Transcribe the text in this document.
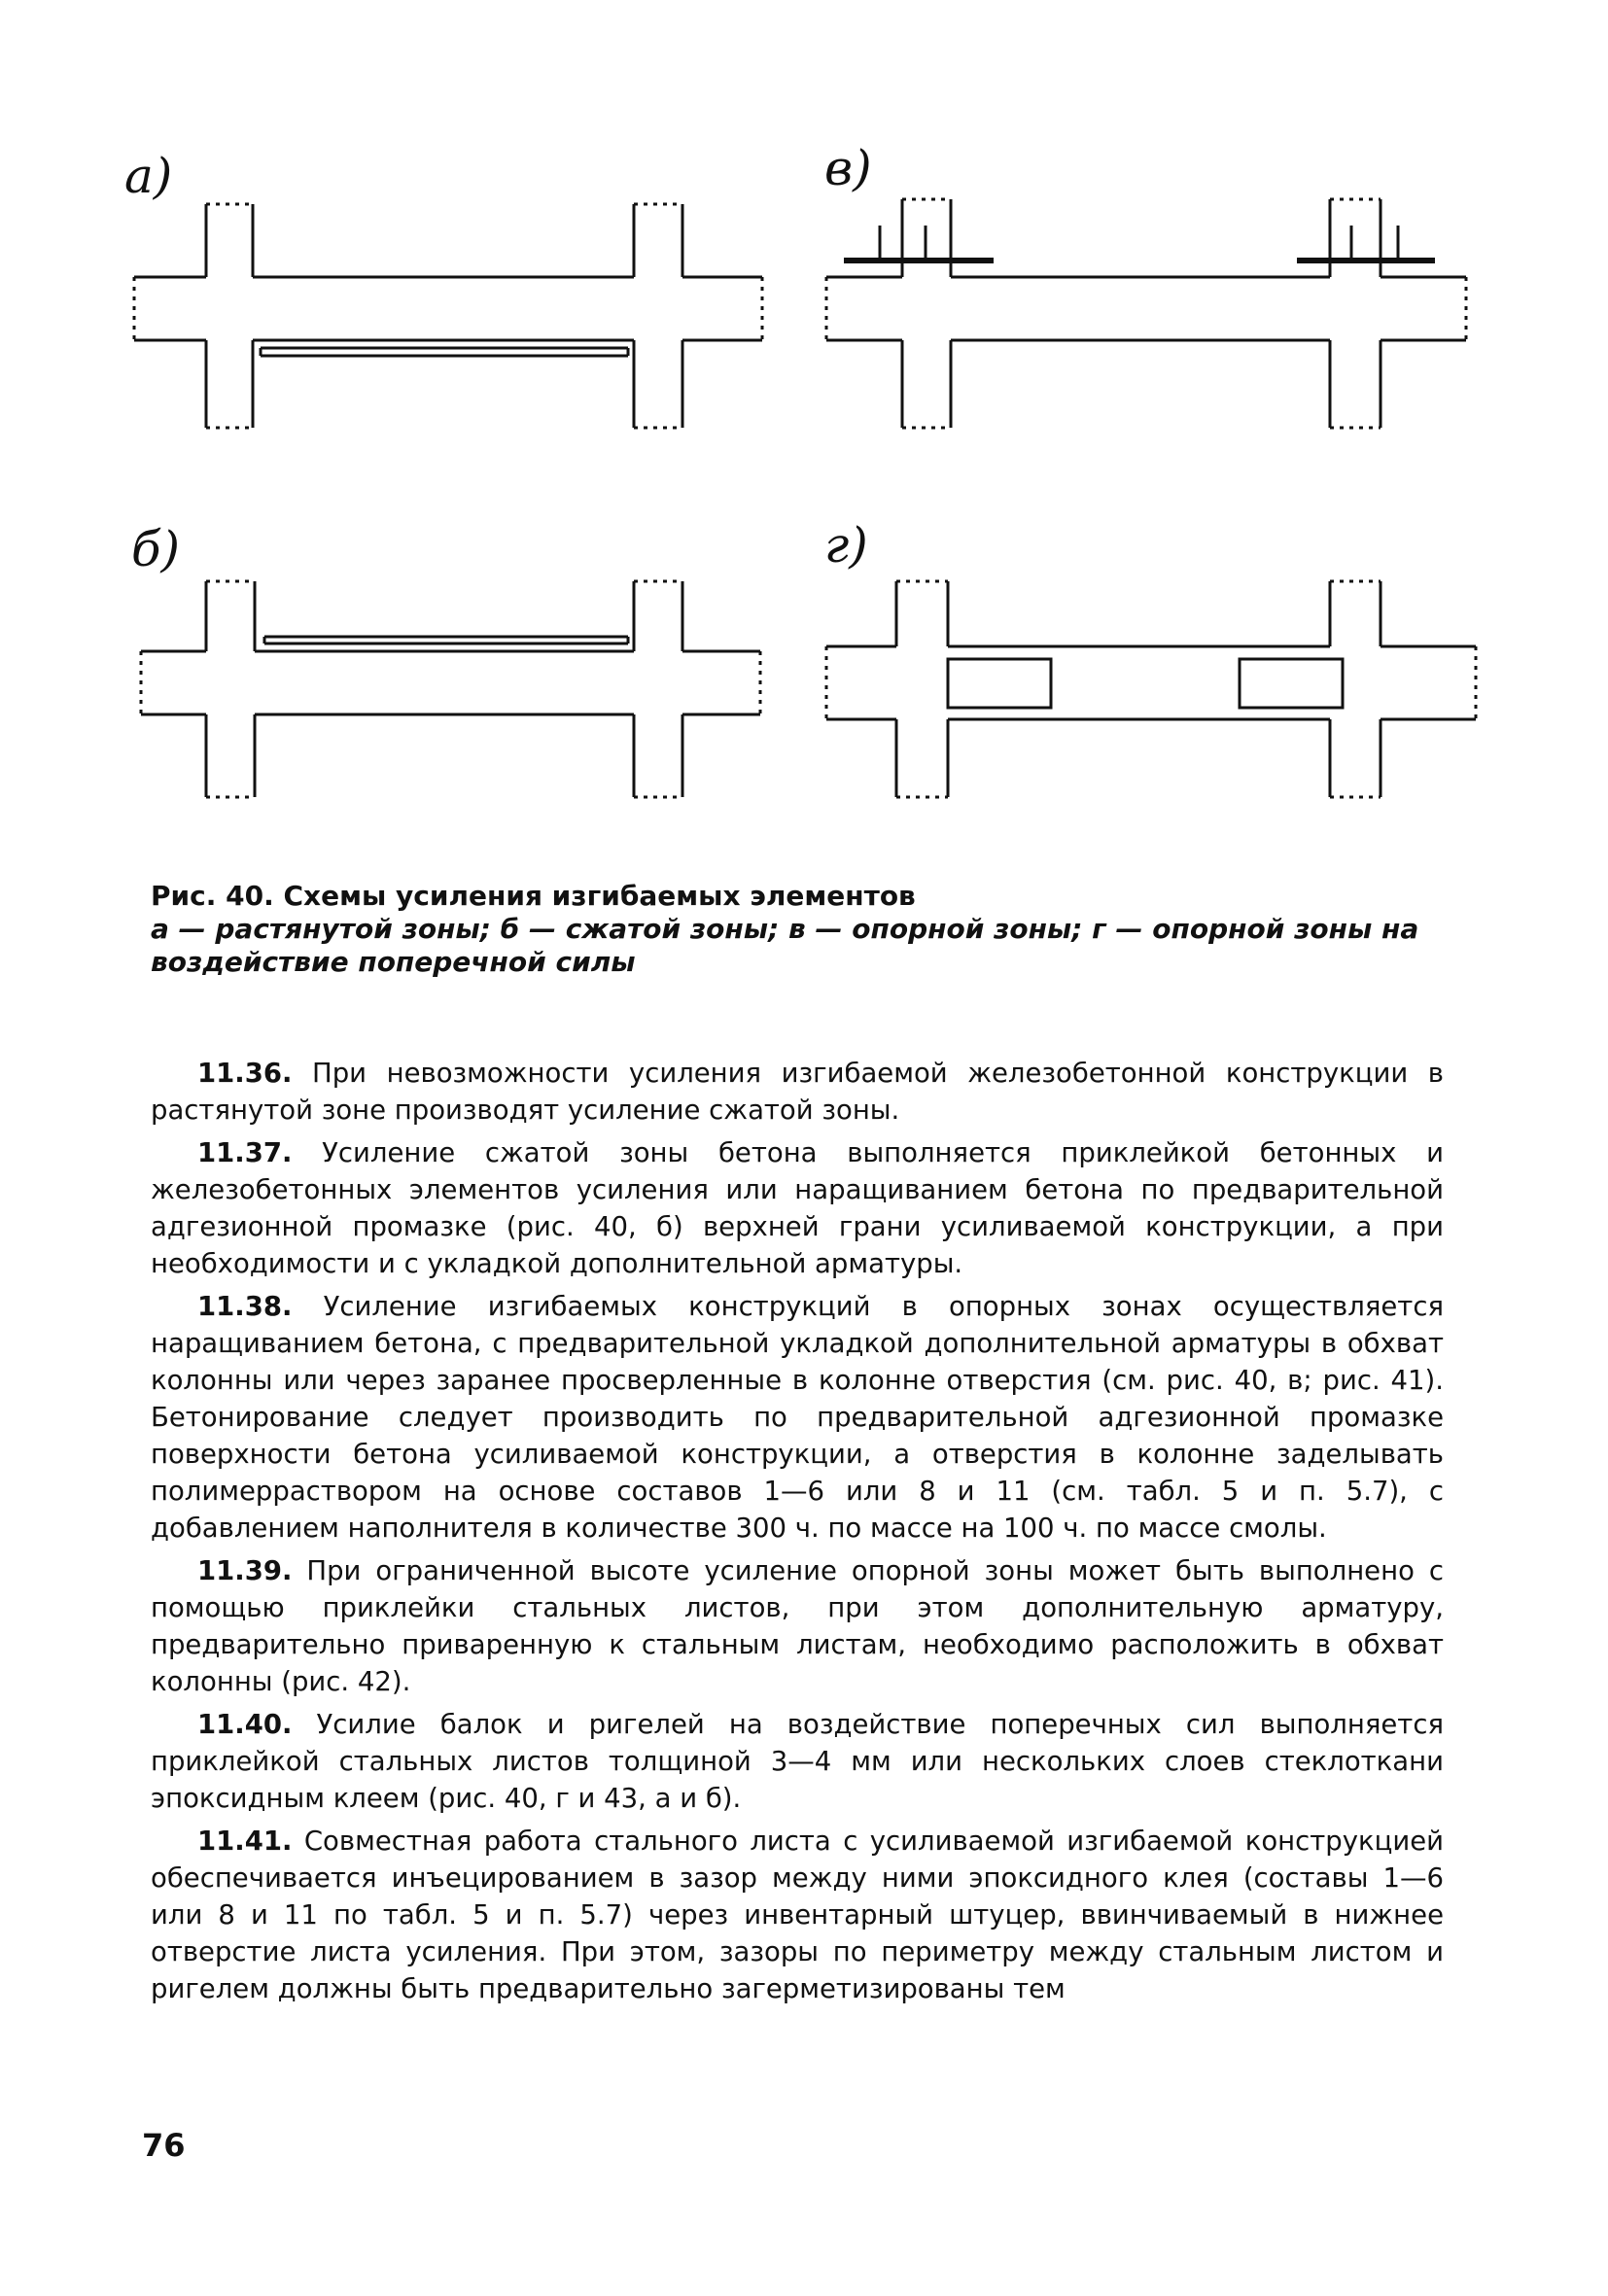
а)	в)
б)	г)
Рис. 40. Схемы усиления изгибаемых элементов
а — растянутой зоны; б — сжатой зоны; в — опорной зоны; г — опорной зоны на воздействие поперечной силы

11.36. При невозможности усиления изгибаемой железобетонной конструкции в растянутой зоне производят усиление сжатой зоны.

11.37. Усиление сжатой зоны бетона выполняется приклейкой бетонных и железобетонных элементов усиления или наращиванием бетона по предварительной адгезионной промазке (рис. 40, б) верхней грани усиливаемой конструкции, а при необходимости и с укладкой дополнительной арматуры.

11.38. Усиление изгибаемых конструкций в опорных зонах осуществляется наращиванием бетона, с предварительной укладкой дополнительной арматуры в обхват колонны или через заранее просверленные в колонне отверстия (см. рис. 40, в; рис. 41). Бетонирование следует производить по предварительной адгезионной промазке поверхности бетона усиливаемой конструкции, а отверстия в колонне заделывать полимерраствором на основе составов 1—6 или 8 и 11 (см. табл. 5 и п. 5.7), с добавлением наполнителя в количестве 300 ч. по массе на 100 ч. по массе смолы.

11.39. При ограниченной высоте усиление опорной зоны может быть выполнено с помощью приклейки стальных листов, при этом дополнительную арматуру, предварительно приваренную к стальным листам, необходимо расположить в обхват колонны (рис. 42).

11.40. Усилие балок и ригелей на воздействие поперечных сил выполняется приклейкой стальных листов толщиной 3—4 мм или нескольких слоев стеклоткани эпоксидным клеем (рис. 40, г и 43, а и б).

11.41. Совместная работа стального листа с усиливаемой изгибаемой конструкцией обеспечивается инъецированием в зазор между ними эпоксидного клея (составы 1—6 или 8 и 11 по табл. 5 и п. 5.7) через инвентарный штуцер, ввинчиваемый в нижнее отверстие листа усиления. При этом, зазоры по периметру между стальным листом и ригелем должны быть предварительно загерметизированы тем

76
